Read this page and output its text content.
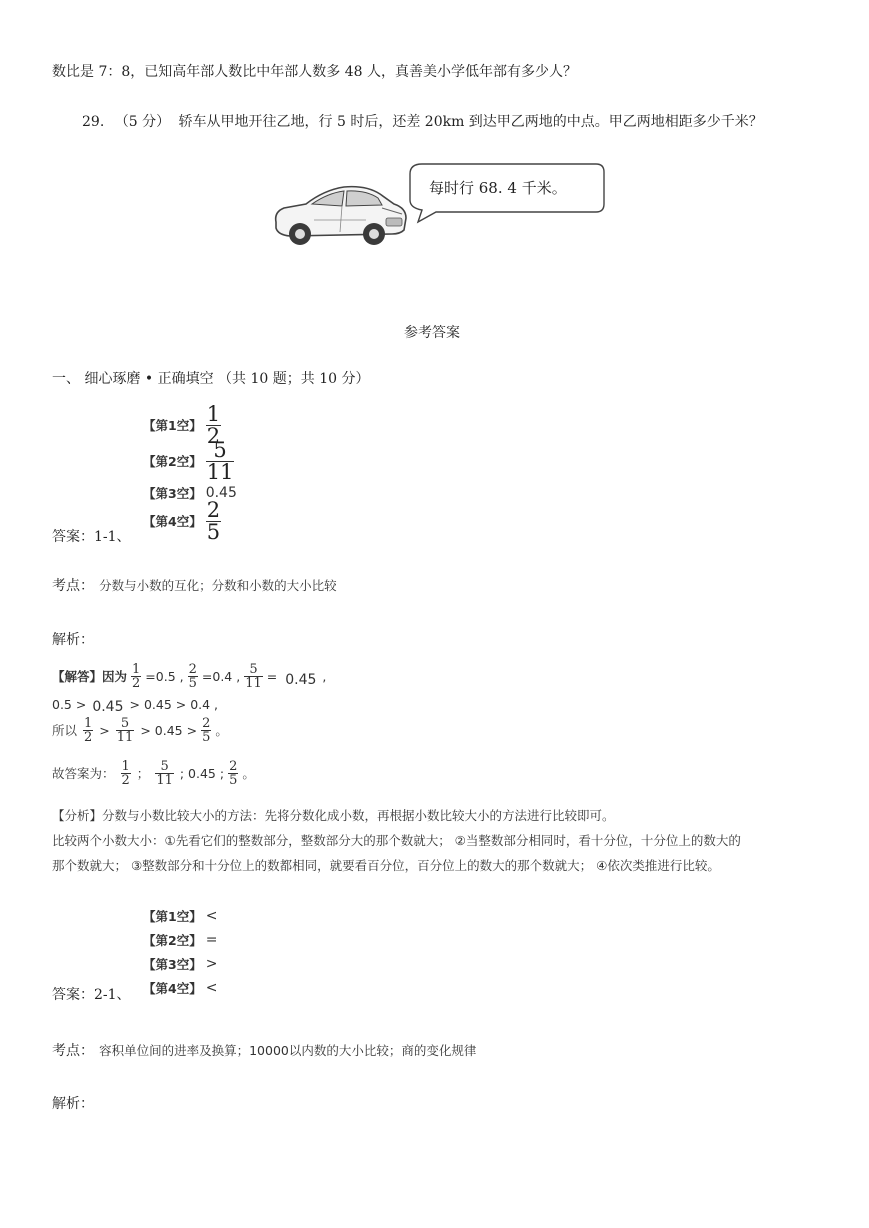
数比是 7：8，已知高年部人数比中年部人数多 48 人，真善美小学低年部有多少人？
29. （5 分） 轿车从甲地开往乙地，行 5 时后，还差 20km 到达甲乙两地的中点。甲乙两地相距多少千米？
每时行 68. 4 千米。
参考答案
一、 细心琢磨 • 正确填空 （共 10 题；共 10 分）
【第1空】 $\frac{1}{2}$
【第2空】 $\frac{5}{11}$
【第3空】 0.45
【第4空】 $\frac{2}{5}$
答案：1-1、
考点： 分数与小数的互化；分数和小数的大小比较
解析：
【解答】因为 $\frac{1}{2} =0.5$ , $\frac{2}{5} =0.4$ , $\frac{5}{11} = 0.45$ ,
0.5 > 0.45 > 0.45 > 0.4 ,
所以 $\frac{1}{2} > \frac{5}{11} > 0.45 > \frac{2}{5}$ 。
故答案为： $\frac{1}{2}$ ； $\frac{5}{11}$ ; 0.45 ; $\frac{2}{5}$ 。
【分析】分数与小数比较大小的方法：先将分数化成小数，再根据小数比较大小的方法进行比较即可。
比较两个小数大小：①先看它们的整数部分，整数部分大的那个数就大； ②当整数部分相同时，看十分位，十分位上的数大的
那个数就大； ③整数部分和十分位上的数都相同，就要看百分位，百分位上的数大的那个数就大； ④依次类推进行比较。
【第1空】 <
【第2空】 =
【第3空】 >
【第4空】 <
答案：2-1、
考点： 容积单位间的进率及换算；10000以内数的大小比较；商的变化规律
解析：
